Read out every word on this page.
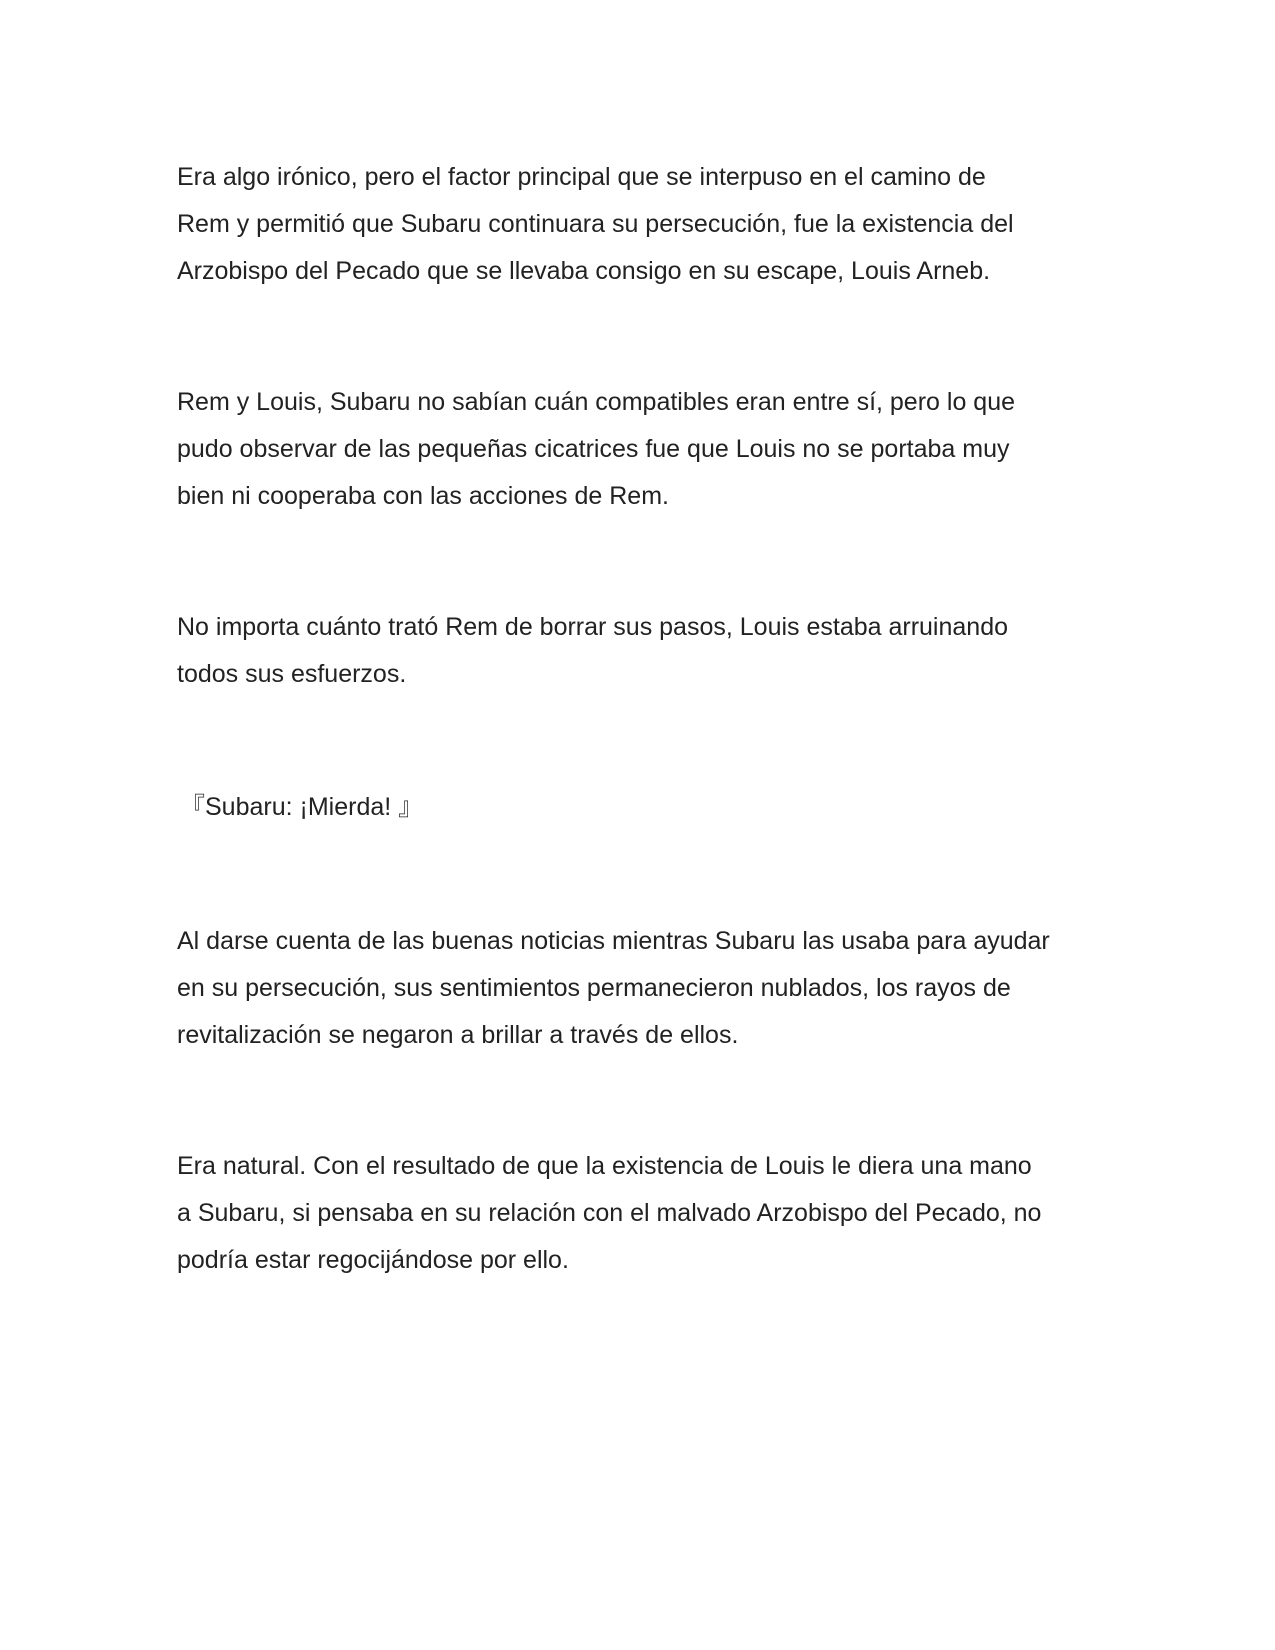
Era algo irónico, pero el factor principal que se interpuso en el camino de
Rem y permitió que Subaru continuara su persecución, fue la existencia del
Arzobispo del Pecado que se llevaba consigo en su escape, Louis Arneb.

Rem y Louis, Subaru no sabían cuán compatibles eran entre sí, pero lo que
pudo observar de las pequeñas cicatrices fue que Louis no se portaba muy
bien ni cooperaba con las acciones de Rem.

No importa cuánto trató Rem de borrar sus pasos, Louis estaba arruinando
todos sus esfuerzos.

『Subaru: ¡Mierda! 』

Al darse cuenta de las buenas noticias mientras Subaru las usaba para ayudar
en su persecución, sus sentimientos permanecieron nublados, los rayos de
revitalización se negaron a brillar a través de ellos.

Era natural. Con el resultado de que la existencia de Louis le diera una mano
a Subaru, si pensaba en su relación con el malvado Arzobispo del Pecado, no
podría estar regocijándose por ello.
